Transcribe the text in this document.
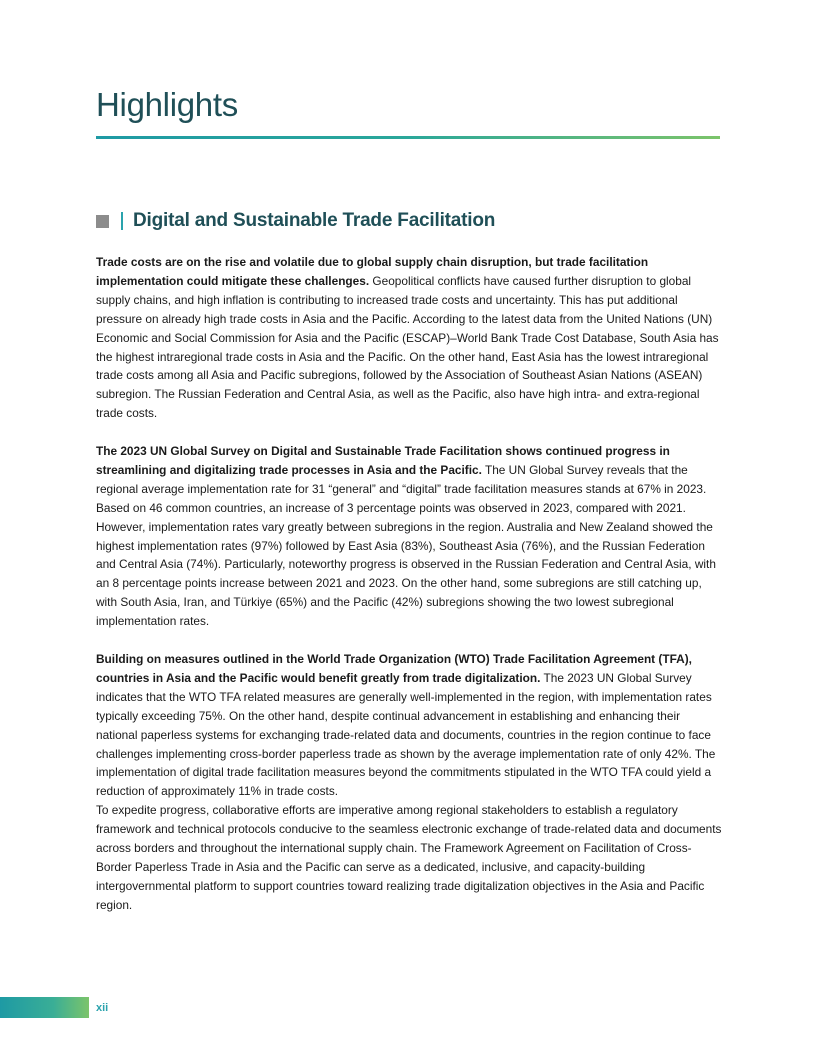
Highlights
Digital and Sustainable Trade Facilitation

Trade costs are on the rise and volatile due to global supply chain disruption, but trade facilitation implementation could mitigate these challenges. Geopolitical conflicts have caused further disruption to global supply chains, and high inflation is contributing to increased trade costs and uncertainty. This has put additional pressure on already high trade costs in Asia and the Pacific. According to the latest data from the United Nations (UN) Economic and Social Commission for Asia and the Pacific (ESCAP)–World Bank Trade Cost Database, South Asia has the highest intraregional trade costs in Asia and the Pacific. On the other hand, East Asia has the lowest intraregional trade costs among all Asia and Pacific subregions, followed by the Association of Southeast Asian Nations (ASEAN) subregion. The Russian Federation and Central Asia, as well as the Pacific, also have high intra- and extra-regional trade costs.

The 2023 UN Global Survey on Digital and Sustainable Trade Facilitation shows continued progress in streamlining and digitalizing trade processes in Asia and the Pacific. The UN Global Survey reveals that the regional average implementation rate for 31 “general” and “digital” trade facilitation measures stands at 67% in 2023. Based on 46 common countries, an increase of 3 percentage points was observed in 2023, compared with 2021. However, implementation rates vary greatly between subregions in the region. Australia and New Zealand showed the highest implementation rates (97%) followed by East Asia (83%), Southeast Asia (76%), and the Russian Federation and Central Asia (74%). Particularly, noteworthy progress is observed in the Russian Federation and Central Asia, with an 8 percentage points increase between 2021 and 2023. On the other hand, some subregions are still catching up, with South Asia, Iran, and Türkiye (65%) and the Pacific (42%) subregions showing the two lowest subregional implementation rates.

Building on measures outlined in the World Trade Organization (WTO) Trade Facilitation Agreement (TFA), countries in Asia and the Pacific would benefit greatly from trade digitalization. The 2023 UN Global Survey indicates that the WTO TFA related measures are generally well-implemented in the region, with implementation rates typically exceeding 75%. On the other hand, despite continual advancement in establishing and enhancing their national paperless systems for exchanging trade-related data and documents, countries in the region continue to face challenges implementing cross-border paperless trade as shown by the average implementation rate of only 42%. The implementation of digital trade facilitation measures beyond the commitments stipulated in the WTO TFA could yield a reduction of approximately 11% in trade costs.

To expedite progress, collaborative efforts are imperative among regional stakeholders to establish a regulatory framework and technical protocols conducive to the seamless electronic exchange of trade-related data and documents across borders and throughout the international supply chain. The Framework Agreement on Facilitation of Cross-Border Paperless Trade in Asia and the Pacific can serve as a dedicated, inclusive, and capacity-building intergovernmental platform to support countries toward realizing trade digitalization objectives in the Asia and Pacific region.

xii
